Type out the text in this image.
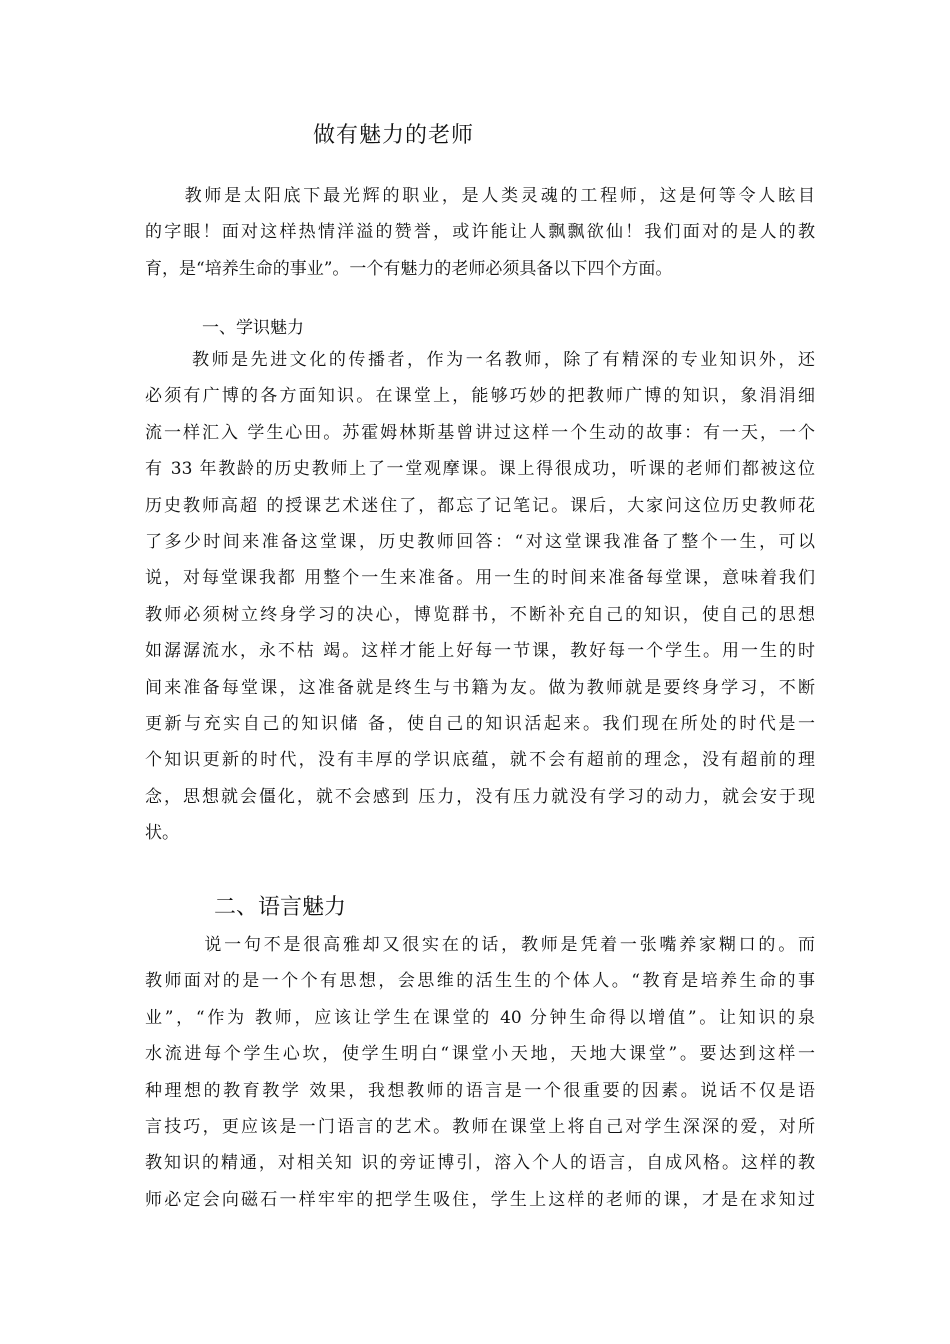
做有魅力的老师
　　教师是太阳底下最光辉的职业，是人类灵魂的工程师，这是何等令人眩目
的字眼！面对这样热情洋溢的赞誉，或许能让人飘飘欲仙！我们面对的是人的教
育，是“培养生命的事业”。一个有魅力的老师必须具备以下四个方面。
一、学识魅力
　　 教师是先进文化的传播者，作为一名教师，除了有精深的专业知识外，还
必须有广博的各方面知识。在课堂上，能够巧妙的把教师广博的知识，象涓涓细
流一样汇入 学生心田。苏霍姆林斯基曾讲过这样一个生动的故事：有一天，一个
有 33 年教龄的历史教师上了一堂观摩课。课上得很成功，听课的老师们都被这位
历史教师高超 的授课艺术迷住了，都忘了记笔记。课后，大家问这位历史教师花
了多少时间来准备这堂课，历史教师回答：“对这堂课我准备了整个一生，可以
说，对每堂课我都 用整个一生来准备。用一生的时间来准备每堂课，意味着我们
教师必须树立终身学习的决心，博览群书，不断补充自己的知识，使自己的思想
如潺潺流水，永不枯 竭。这样才能上好每一节课，教好每一个学生。用一生的时
间来准备每堂课，这准备就是终生与书籍为友。做为教师就是要终身学习，不断
更新与充实自己的知识储 备，使自己的知识活起来。我们现在所处的时代是一
个知识更新的时代，没有丰厚的学识底蕴，就不会有超前的理念，没有超前的理
念，思想就会僵化，就不会感到 压力，没有压力就没有学习的动力，就会安于现
状。
二、语言魅力
　　　说一句不是很高雅却又很实在的话，教师是凭着一张嘴养家糊口的。而
教师面对的是一个个有思想，会思维的活生生的个体人。“教育是培养生命的事
业”，“作为 教师，应该让学生在课堂的 40 分钟生命得以增值”。让知识的泉
水流进每个学生心坎，使学生明白“课堂小天地，天地大课堂”。要达到这样一
种理想的教育教学 效果，我想教师的语言是一个很重要的因素。说话不仅是语
言技巧，更应该是一门语言的艺术。教师在课堂上将自己对学生深深的爱，对所
教知识的精通，对相关知 识的旁证博引，溶入个人的语言，自成风格。这样的教
师必定会向磁石一样牢牢的把学生吸住，学生上这样的老师的课，才是在求知过
